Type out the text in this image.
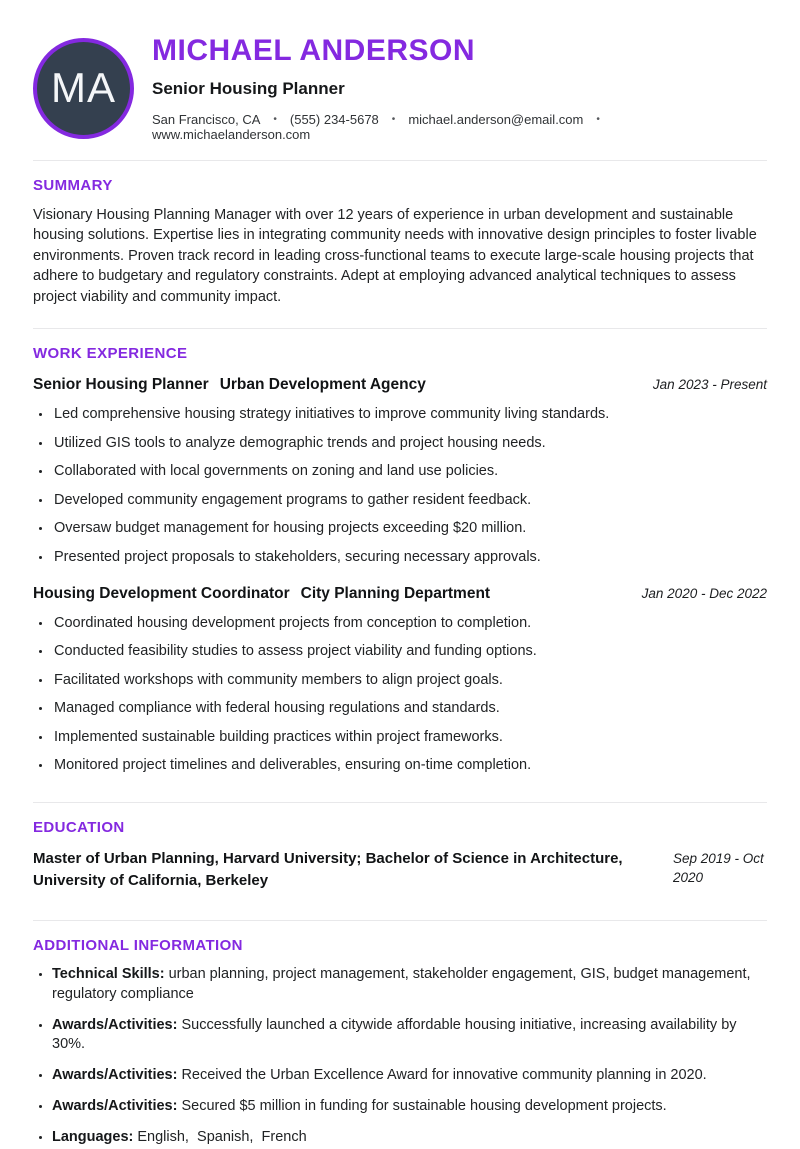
MA
MICHAEL ANDERSON
Senior Housing Planner
San Francisco, CA • (555) 234-5678 • michael.anderson@email.com •
www.michaelanderson.com
SUMMARY

Visionary Housing Planning Manager with over 12 years of experience in urban development and sustainable housing solutions. Expertise lies in integrating community needs with innovative design principles to foster livable environments. Proven track record in leading cross-functional teams to execute large-scale housing projects that adhere to budgetary and regulatory constraints. Adept at employing advanced analytical techniques to assess project viability and community impact.

WORK EXPERIENCE
Senior Housing Planner Urban Development Agency	Jan 2023 - Present
• Led comprehensive housing strategy initiatives to improve community living standards.
• Utilized GIS tools to analyze demographic trends and project housing needs.
• Collaborated with local governments on zoning and land use policies.
• Developed community engagement programs to gather resident feedback.
• Oversaw budget management for housing projects exceeding $20 million.
• Presented project proposals to stakeholders, securing necessary approvals.
Housing Development Coordinator City Planning Department	Jan 2020 - Dec 2022
• Coordinated housing development projects from conception to completion.
• Conducted feasibility studies to assess project viability and funding options.
• Facilitated workshops with community members to align project goals.
• Managed compliance with federal housing regulations and standards.
• Implemented sustainable building practices within project frameworks.
• Monitored project timelines and deliverables, ensuring on-time completion.
EDUCATION
Master of Urban Planning, Harvard University; Bachelor of Science in Architecture, University of California, Berkeley
Sep 2019 - Oct 2020
ADDITIONAL INFORMATION
• Technical Skills: urban planning, project management, stakeholder engagement, GIS, budget management, regulatory compliance
• Awards/Activities: Successfully launched a citywide affordable housing initiative, increasing availability by 30%.
• Awards/Activities: Received the Urban Excellence Award for innovative community planning in 2020.
• Awards/Activities: Secured $5 million in funding for sustainable housing development projects.
• Languages: English,  Spanish,  French
